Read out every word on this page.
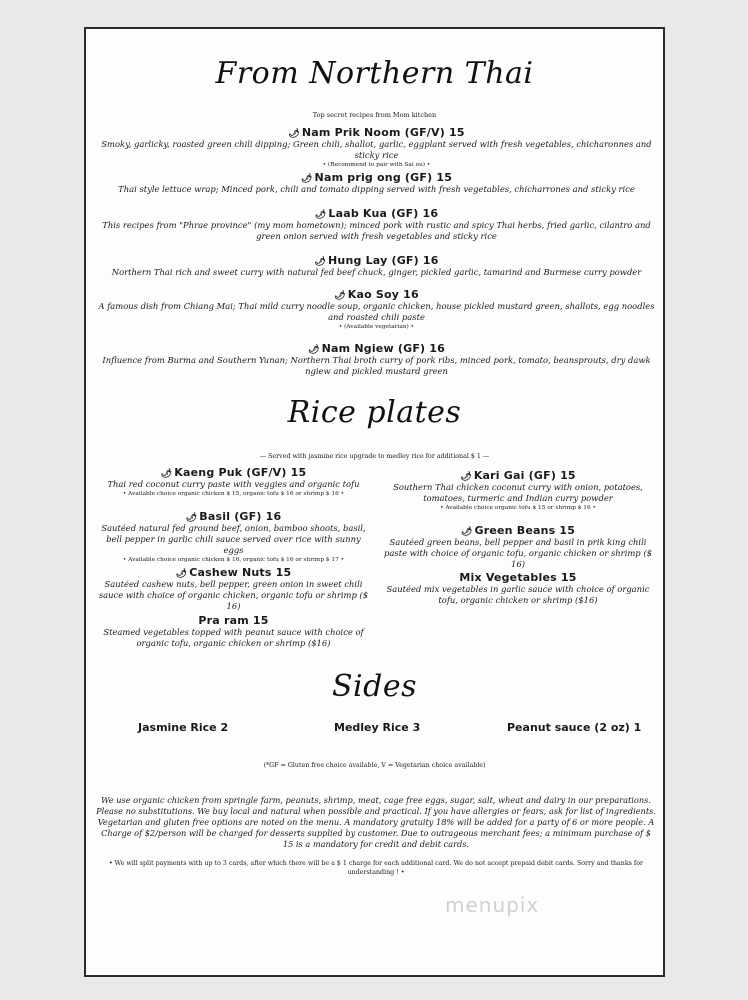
From Northern Thai
Top secret recipes from Mom kitchen
🌶 Nam Prik Noom (GF/V) 15
Smoky, garlicky, roasted green chili dipping; Green chili, shallot, garlic, eggplant served with fresh vegetables, chicharonnes and sticky rice
• (Recommend to pair with Sai ou) •
🌶 Nam prig ong (GF) 15
Thai style lettuce wrap; Minced pork, chili and tomato dipping served with fresh vegetables, chicharrones and sticky rice
🌶 Laab Kua (GF) 16
This recipes from "Phrae province" (my mom hometown); minced pork with rustic and spicy Thai herbs, fried garlic, cilantro and green onion served with fresh vegetables and sticky rice
🌶 Hung Lay (GF) 16
Northern Thai rich and sweet curry with natural fed beef chuck, ginger, pickled garlic, tamarind and Burmese curry powder
🌶 Kao Soy 16
A famous dish from Chiang Mai; Thai mild curry noodle soup, organic chicken, house pickled mustard green, shallots, egg noodles and roasted chili paste
• (Available vegetarian) •
🌶 Nam Ngiew (GF) 16
Influence from Burma and Southern Yunan; Northern Thai broth curry of pork ribs, minced pork, tomato, beansprouts, dry dawk ngiew and pickled mustard green
Rice plates
— Served with jasmine rice upgrade to medley rice for additional $ 1 —
🌶 Kaeng Puk (GF/V) 15
Thai red coconut curry paste with veggies and organic tofu
• Available choice organic chicken $ 15, organic tofu $ 16 or shrimp $ 16 •
🌶 Basil (GF) 16
Sautéed natural fed ground beef, onion, bamboo shoots, basil, bell pepper in garlic chili sauce served over rice with sunny eggs
• Available choice organic chicken $ 16, organic tofu $ 16 or shrimp $ 17 •
🌶 Cashew Nuts 15
Sautéed cashew nuts, bell pepper, green onion in sweet chili sauce with choice of organic chicken, organic tofu or shrimp ($ 16)
Pra ram 15
Steamed vegetables topped with peanut sauce with choice of organic tofu, organic chicken or shrimp ($16)
🌶 Kari Gai (GF) 15
Southern Thai chicken coconut curry with onion, potatoes, tomatoes, turmeric and Indian curry powder
• Available choice organic tofu $ 15 or shrimp $ 16 •
🌶 Green Beans 15
Sautéed green beans, bell pepper and basil in prik king chili paste with choice of organic tofu, organic chicken or shrimp ($ 16)
Mix Vegetables 15
Sautéed mix vegetables in garlic sauce with choice of organic tofu, organic chicken or shrimp ($16)
Sides
Jasmine Rice 2	Medley Rice 3	Peanut sauce (2 oz) 1
(*GF = Gluten free choice available, V = Vegetarian choice available)
We use organic chicken from springle farm, peanuts, shrimp, meat, cage free eggs, sugar, salt, wheat and dairy in our preparations. Please no substitutions. We buy local and natural when possible and practical. If you have allergies or fears, ask for list of ingredients. Vegetarian and gluten free options are noted on the menu. A mandatory gratuity 18% will be added for a party of 6 or more people. A Charge of $2/person will be charged for desserts supplied by customer. Due to outrageous merchant fees; a minimum purchase of $ 15 is a mandatory for credit and debit cards.
• We will split payments with up to 3 cards, after which there will be a $ 1 charge for each additional card. We do not accept prepaid debit cards. Sorry and thanks for understanding ! •
menupix
